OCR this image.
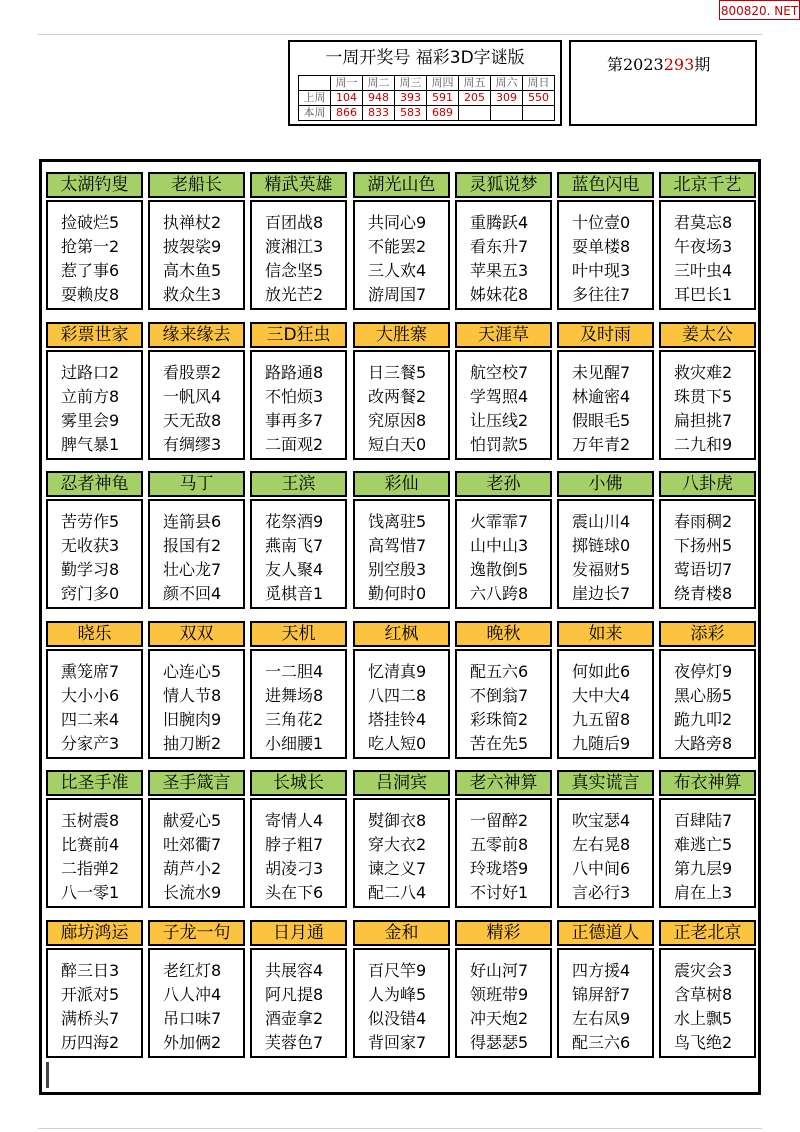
800820. NET
一周开奖号 福彩3D字谜版
	周一	周二	周三	周四	周五	周六	周日
上周	104	948	393	591	205	309	550
本周	866	833	583	689			
第2023293期
太湖钓叟
捡破烂5
抢第一2
惹了事6
耍赖皮8
老船长
执禅杖2
披袈裟9
高木鱼5
救众生3
精武英雄
百团战8
渡湘江3
信念坚5
放光芒2
湖光山色
共同心9
不能罢2
三人欢4
游周国7
灵狐说梦
重腾跃4
看东升7
苹果五3
姊妹花8
蓝色闪电
十位壹0
耍单楼8
叶中现3
多往往7
北京千艺
君莫忘8
午夜场3
三叶虫4
耳巴长1
彩票世家
过路口2
立前方8
雾里会9
脾气暴1
缘来缘去
看股票2
一帆风4
天无敌8
有绸缪3
三D狂虫
路路通8
不怕烦3
事再多7
二面观2
大胜寨
日三餐5
改两餐2
究原因8
短白天0
天涯草
航空校7
学驾照4
让压线2
怕罚款5
及时雨
未见醒7
林逾密4
假眼毛5
万年青2
姜太公
救灾难2
珠贯下5
扁担挑7
二九和9
忍者神龟
苦劳作5
无收获3
勤学习8
窍门多0
马丁
连箭县6
报国有2
壮心龙7
颜不回4
王滨
花祭酒9
燕南飞7
友人聚4
觅棋音1
彩仙
饯离驻5
高驾惜7
别空殷3
勤何时0
老孙
火霏霏7
山中山3
逸散倒5
六八跨8
小佛
震山川4
掷链球0
发福财5
崖边长7
八卦虎
春雨稠2
下扬州5
莺语切7
绕青楼8
晓乐
熏笼席7
大小小6
四二来4
分家产3
双双
心连心5
情人节8
旧腕肉9
抽刀断2
天机
一二胆4
进舞场8
三角花2
小细腰1
红枫
忆清真9
八四二8
塔挂铃4
吃人短0
晚秋
配五六6
不倒翁7
彩珠简2
苦在先5
如来
何如此6
大中大4
九五留8
九随后9
添彩
夜停灯9
黑心肠5
跪九叩2
大路旁8
比圣手准
玉树震8
比赛前4
二指弹2
八一零1
圣手箴言
献爱心5
吐郊衢7
葫芦小2
长流水9
长城长
寄情人4
脖子粗7
胡凌刁3
头在下6
吕洞宾
熨御衣8
穿大衣2
谏之义7
配二八4
老六神算
一留醉2
五零前8
玲珑塔9
不讨好1
真实谎言
吹宝瑟4
左右晃8
八中间6
言必行3
布衣神算
百肆陆7
难逃亡5
第九层9
肩在上3
廊坊鸿运
醉三日3
开派对5
满桥头7
历四海2
子龙一句
老红灯8
八人冲4
吊口味7
外加俩2
日月通
共展容4
阿凡提8
酒壶拿2
芙蓉色7
金和
百尺竿9
人为峰5
似没错4
背回家7
精彩
好山河7
领班带9
冲天炮2
得瑟瑟5
正德道人
四方援4
锦屏舒7
左右凤9
配三六6
正老北京
震灾会3
含草树8
水上飘5
鸟飞绝2
